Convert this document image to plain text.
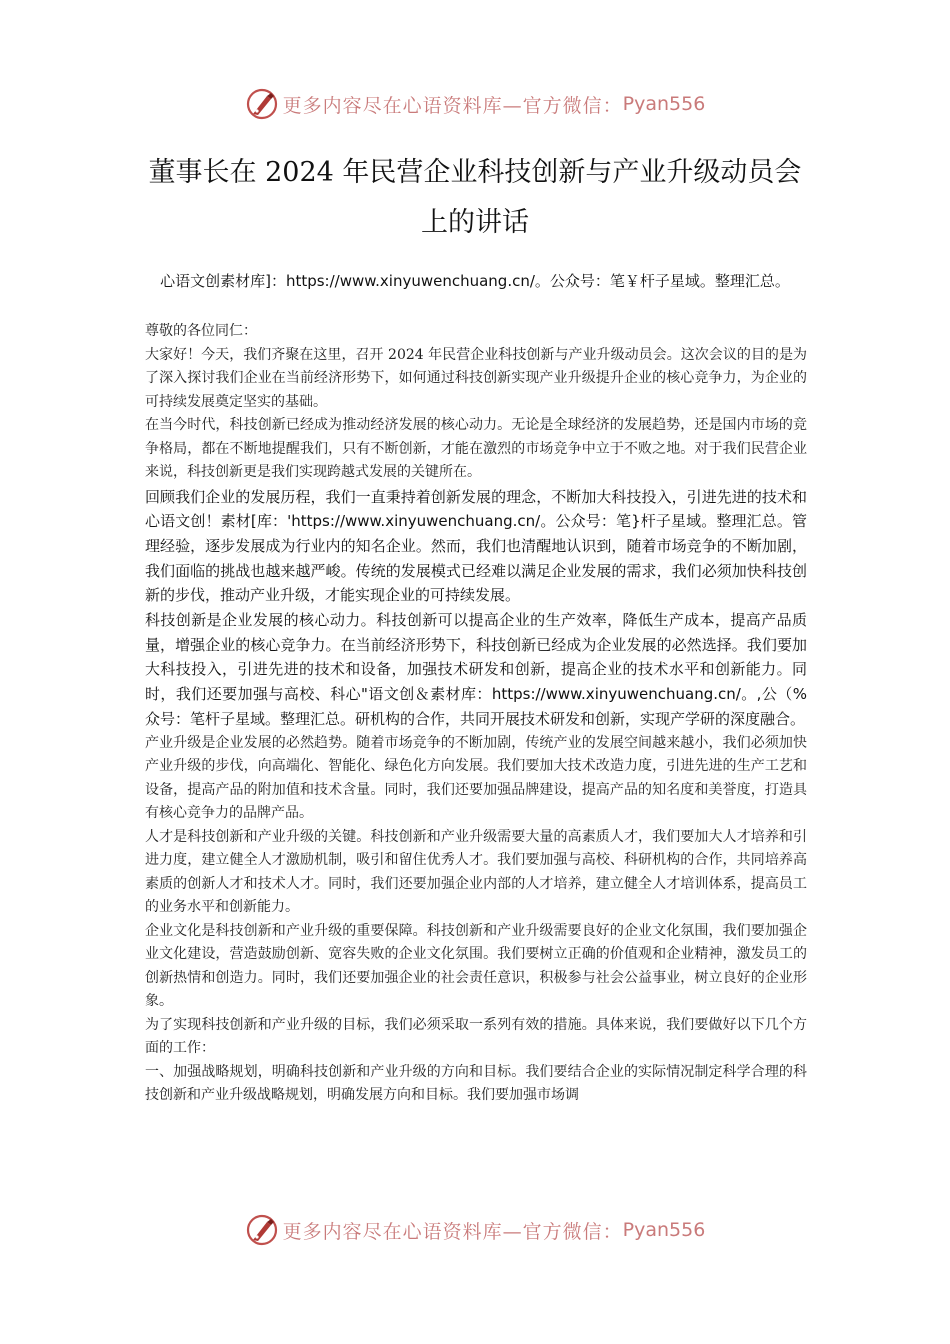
更多内容尽在心语资料库—官方微信： Pyan556
董事长在 2024 年民营企业科技创新与产业升级动员会上的讲话

心语文创素材库]：https://www.xinyuwenchuang.cn/。公众号：笔￥杆子星域。整理汇总。

尊敬的各位同仁：

大家好！今天，我们齐聚在这里，召开 2024 年民营企业科技创新与产业升级动员会。这次会议的目的是为了深入探讨我们企业在当前经济形势下，如何通过科技创新实现产业升级提升企业的核心竞争力，为企业的可持续发展奠定坚实的基础。

在当今时代，科技创新已经成为推动经济发展的核心动力。无论是全球经济的发展趋势，还是国内市场的竞争格局，都在不断地提醒我们，只有不断创新，才能在激烈的市场竞争中立于不败之地。对于我们民营企业来说，科技创新更是我们实现跨越式发展的关键所在。

回顾我们企业的发展历程，我们一直秉持着创新发展的理念，不断加大科技投入，引进先进的技术和心语文创！素材[库：'https://www.xinyuwenchuang.cn/。公众号：笔}杆子星域。整理汇总。管理经验，逐步发展成为行业内的知名企业。然而，我们也清醒地认识到，随着市场竞争的不断加剧，我们面临的挑战也越来越严峻。传统的发展模式已经难以满足企业发展的需求，我们必须加快科技创新的步伐，推动产业升级，才能实现企业的可持续发展。

科技创新是企业发展的核心动力。科技创新可以提高企业的生产效率，降低生产成本，提高产品质量，增强企业的核心竞争力。在当前经济形势下，科技创新已经成为企业发展的必然选择。我们要加大科技投入，引进先进的技术和设备，加强技术研发和创新，提高企业的技术水平和创新能力。同时，我们还要加强与高校、科心"语文创＆素材库：https://www.xinyuwenchuang.cn/。,公（%众号：笔杆子星域。整理汇总。研机构的合作，共同开展技术研发和创新，实现产学研的深度融合。

产业升级是企业发展的必然趋势。随着市场竞争的不断加剧，传统产业的发展空间越来越小，我们必须加快产业升级的步伐，向高端化、智能化、绿色化方向发展。我们要加大技术改造力度，引进先进的生产工艺和设备，提高产品的附加值和技术含量。同时，我们还要加强品牌建设，提高产品的知名度和美誉度，打造具有核心竞争力的品牌产品。

人才是科技创新和产业升级的关键。科技创新和产业升级需要大量的高素质人才，我们要加大人才培养和引进力度，建立健全人才激励机制，吸引和留住优秀人才。我们要加强与高校、科研机构的合作，共同培养高素质的创新人才和技术人才。同时，我们还要加强企业内部的人才培养，建立健全人才培训体系，提高员工的业务水平和创新能力。

企业文化是科技创新和产业升级的重要保障。科技创新和产业升级需要良好的企业文化氛围，我们要加强企业文化建设，营造鼓励创新、宽容失败的企业文化氛围。我们要树立正确的价值观和企业精神，激发员工的创新热情和创造力。同时，我们还要加强企业的社会责任意识，积极参与社会公益事业，树立良好的企业形象。

为了实现科技创新和产业升级的目标，我们必须采取一系列有效的措施。具体来说，我们要做好以下几个方面的工作：

一、加强战略规划，明确科技创新和产业升级的方向和目标。我们要结合企业的实际情况制定科学合理的科技创新和产业升级战略规划，明确发展方向和目标。我们要加强市场调

更多内容尽在心语资料库—官方微信： Pyan556
